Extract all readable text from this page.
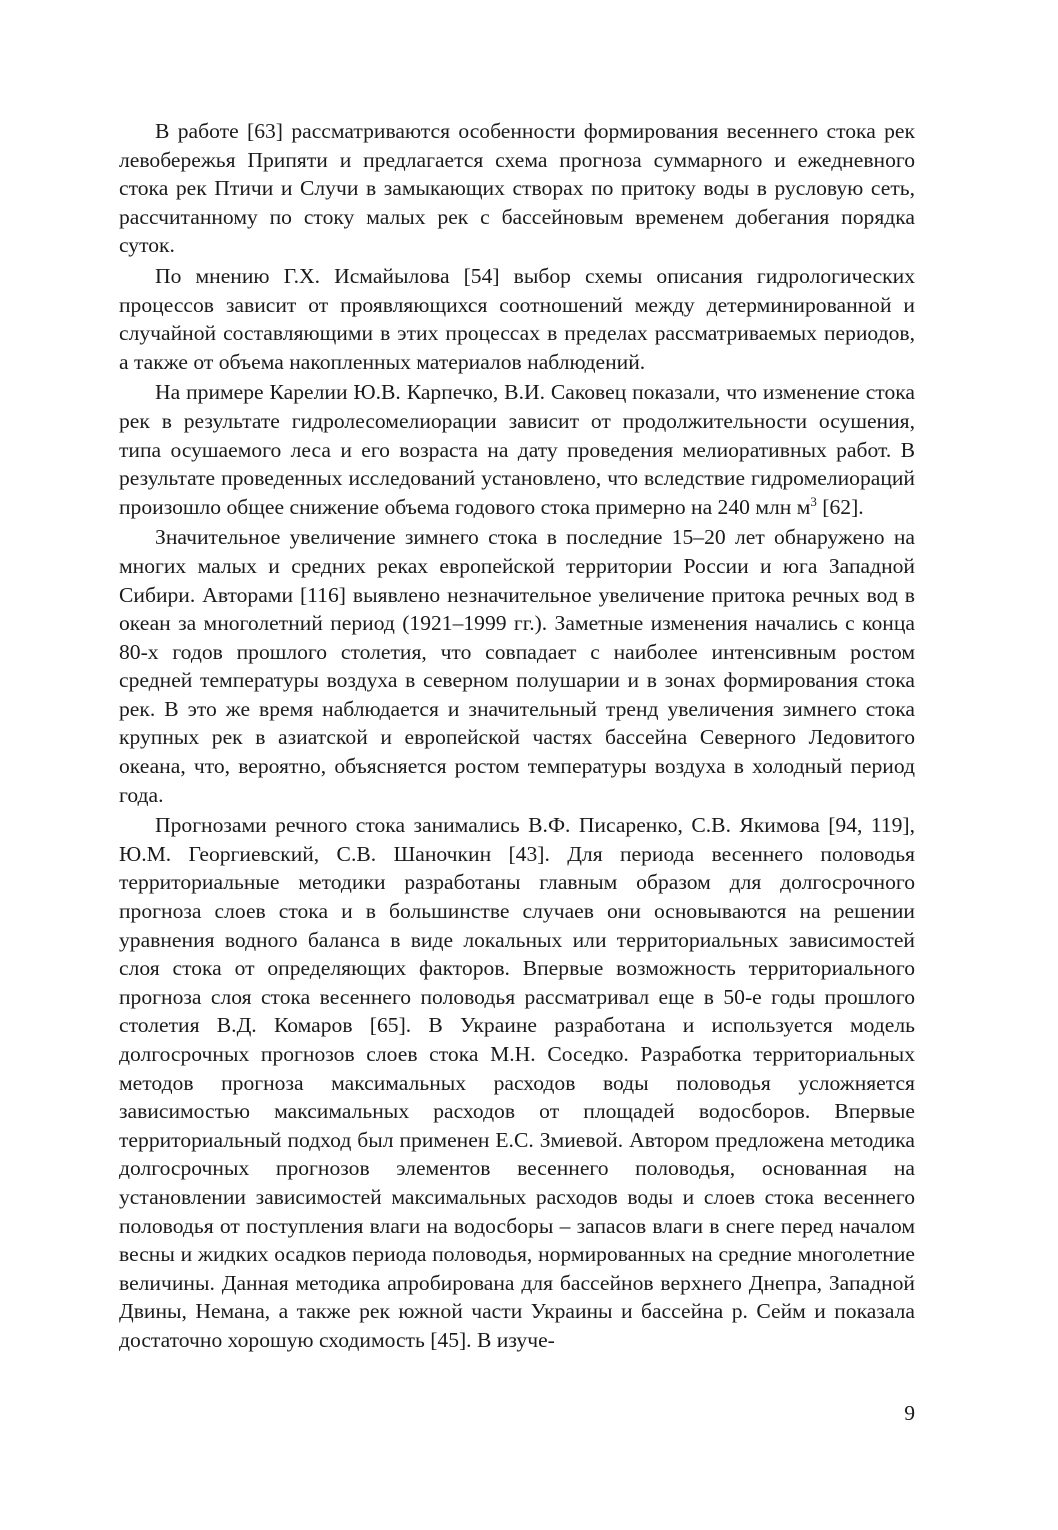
В работе [63] рассматриваются особенности формирования весеннего стока рек левобережья Припяти и предлагается схема прогноза суммарного и ежедневного стока рек Птичи и Случи в замыкающих створах по притоку воды в русловую сеть, рассчитанному по стоку малых рек с бассейновым временем добегания порядка суток.

По мнению Г.Х. Исмайылова [54] выбор схемы описания гидрологических процессов зависит от проявляющихся соотношений между детерминированной и случайной составляющими в этих процессах в пределах рассматриваемых периодов, а также от объема накопленных материалов наблюдений.

На примере Карелии Ю.В. Карпечко, В.И. Саковец показали, что изменение стока рек в результате гидролесомелиорации зависит от продолжительности осушения, типа осушаемого леса и его возраста на дату проведения мелиоративных работ. В результате проведенных исследований установлено, что вследствие гидромелиораций произошло общее снижение объема годового стока примерно на 240 млн $м^3$ [62].

Значительное увеличение зимнего стока в последние 15–20 лет обнаружено на многих малых и средних реках европейской территории России и юга Западной Сибири. Авторами [116] выявлено незначительное увеличение притока речных вод в океан за многолетний период (1921–1999 гг.). Заметные изменения начались с конца 80-х годов прошлого столетия, что совпадает с наиболее интенсивным ростом средней температуры воздуха в северном полушарии и в зонах формирования стока рек. В это же время наблюдается и значительный тренд увеличения зимнего стока крупных рек в азиатской и европейской частях бассейна Северного Ледовитого океана, что, вероятно, объясняется ростом температуры воздуха в холодный период года.

Прогнозами речного стока занимались В.Ф. Писаренко, С.В. Якимова [94, 119], Ю.М. Георгиевский, С.В. Шаночкин [43]. Для периода весеннего половодья территориальные методики разработаны главным образом для долгосрочного прогноза слоев стока и в большинстве случаев они основываются на решении уравнения водного баланса в виде локальных или территориальных зависимостей слоя стока от определяющих факторов. Впервые возможность территориального прогноза слоя стока весеннего половодья рассматривал еще в 50-е годы прошлого столетия В.Д. Комаров [65]. В Украине разработана и используется модель долгосрочных прогнозов слоев стока М.Н. Соседко. Разработка территориальных методов прогноза максимальных расходов воды половодья усложняется зависимостью максимальных расходов от площадей водосборов. Впервые территориальный подход был применен Е.С. Змиевой. Автором предложена методика долгосрочных прогнозов элементов весеннего половодья, основанная на установлении зависимостей максимальных расходов воды и слоев стока весеннего половодья от поступления влаги на водосборы – запасов влаги в снеге перед началом весны и жидких осадков периода половодья, нормированных на средние многолетние величины. Данная методика апробирована для бассейнов верхнего Днепра, Западной Двины, Немана, а также рек южной части Украины и бассейна р. Сейм и показала достаточно хорошую сходимость [45]. В изуче-

9
